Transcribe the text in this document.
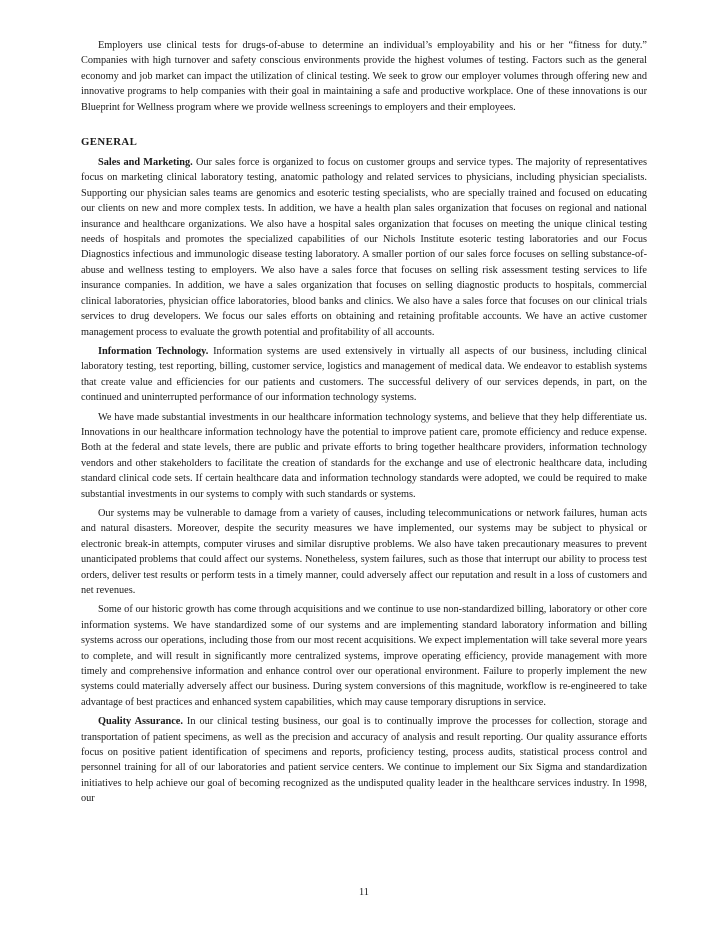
Employers use clinical tests for drugs-of-abuse to determine an individual’s employability and his or her “fitness for duty.” Companies with high turnover and safety conscious environments provide the highest volumes of testing. Factors such as the general economy and job market can impact the utilization of clinical testing. We seek to grow our employer volumes through offering new and innovative programs to help companies with their goal in maintaining a safe and productive workplace. One of these innovations is our Blueprint for Wellness program where we provide wellness screenings to employers and their employees.

GENERAL

Sales and Marketing. Our sales force is organized to focus on customer groups and service types. The majority of representatives focus on marketing clinical laboratory testing, anatomic pathology and related services to physicians, including physician specialists. Supporting our physician sales teams are genomics and esoteric testing specialists, who are specially trained and focused on educating our clients on new and more complex tests. In addition, we have a health plan sales organization that focuses on regional and national insurance and healthcare organizations. We also have a hospital sales organization that focuses on meeting the unique clinical testing needs of hospitals and promotes the specialized capabilities of our Nichols Institute esoteric testing laboratories and our Focus Diagnostics infectious and immunologic disease testing laboratory. A smaller portion of our sales force focuses on selling substance-of-abuse and wellness testing to employers. We also have a sales force that focuses on selling risk assessment testing services to life insurance companies. In addition, we have a sales organization that focuses on selling diagnostic products to hospitals, commercial clinical laboratories, physician office laboratories, blood banks and clinics. We also have a sales force that focuses on our clinical trials services to drug developers. We focus our sales efforts on obtaining and retaining profitable accounts. We have an active customer management process to evaluate the growth potential and profitability of all accounts.

Information Technology. Information systems are used extensively in virtually all aspects of our business, including clinical laboratory testing, test reporting, billing, customer service, logistics and management of medical data. We endeavor to establish systems that create value and efficiencies for our patients and customers. The successful delivery of our services depends, in part, on the continued and uninterrupted performance of our information technology systems.

We have made substantial investments in our healthcare information technology systems, and believe that they help differentiate us. Innovations in our healthcare information technology have the potential to improve patient care, promote efficiency and reduce expense. Both at the federal and state levels, there are public and private efforts to bring together healthcare providers, information technology vendors and other stakeholders to facilitate the creation of standards for the exchange and use of electronic healthcare data, including standard clinical code sets. If certain healthcare data and information technology standards were adopted, we could be required to make substantial investments in our systems to comply with such standards or systems.

Our systems may be vulnerable to damage from a variety of causes, including telecommunications or network failures, human acts and natural disasters. Moreover, despite the security measures we have implemented, our systems may be subject to physical or electronic break-in attempts, computer viruses and similar disruptive problems. We also have taken precautionary measures to prevent unanticipated problems that could affect our systems. Nonetheless, system failures, such as those that interrupt our ability to process test orders, deliver test results or perform tests in a timely manner, could adversely affect our reputation and result in a loss of customers and net revenues.

Some of our historic growth has come through acquisitions and we continue to use non-standardized billing, laboratory or other core information systems. We have standardized some of our systems and are implementing standard laboratory information and billing systems across our operations, including those from our most recent acquisitions. We expect implementation will take several more years to complete, and will result in significantly more centralized systems, improve operating efficiency, provide management with more timely and comprehensive information and enhance control over our operational environment. Failure to properly implement the new systems could materially adversely affect our business. During system conversions of this magnitude, workflow is re-engineered to take advantage of best practices and enhanced system capabilities, which may cause temporary disruptions in service.

Quality Assurance. In our clinical testing business, our goal is to continually improve the processes for collection, storage and transportation of patient specimens, as well as the precision and accuracy of analysis and result reporting. Our quality assurance efforts focus on positive patient identification of specimens and reports, proficiency testing, process audits, statistical process control and personnel training for all of our laboratories and patient service centers. We continue to implement our Six Sigma and standardization initiatives to help achieve our goal of becoming recognized as the undisputed quality leader in the healthcare services industry. In 1998, our

11
